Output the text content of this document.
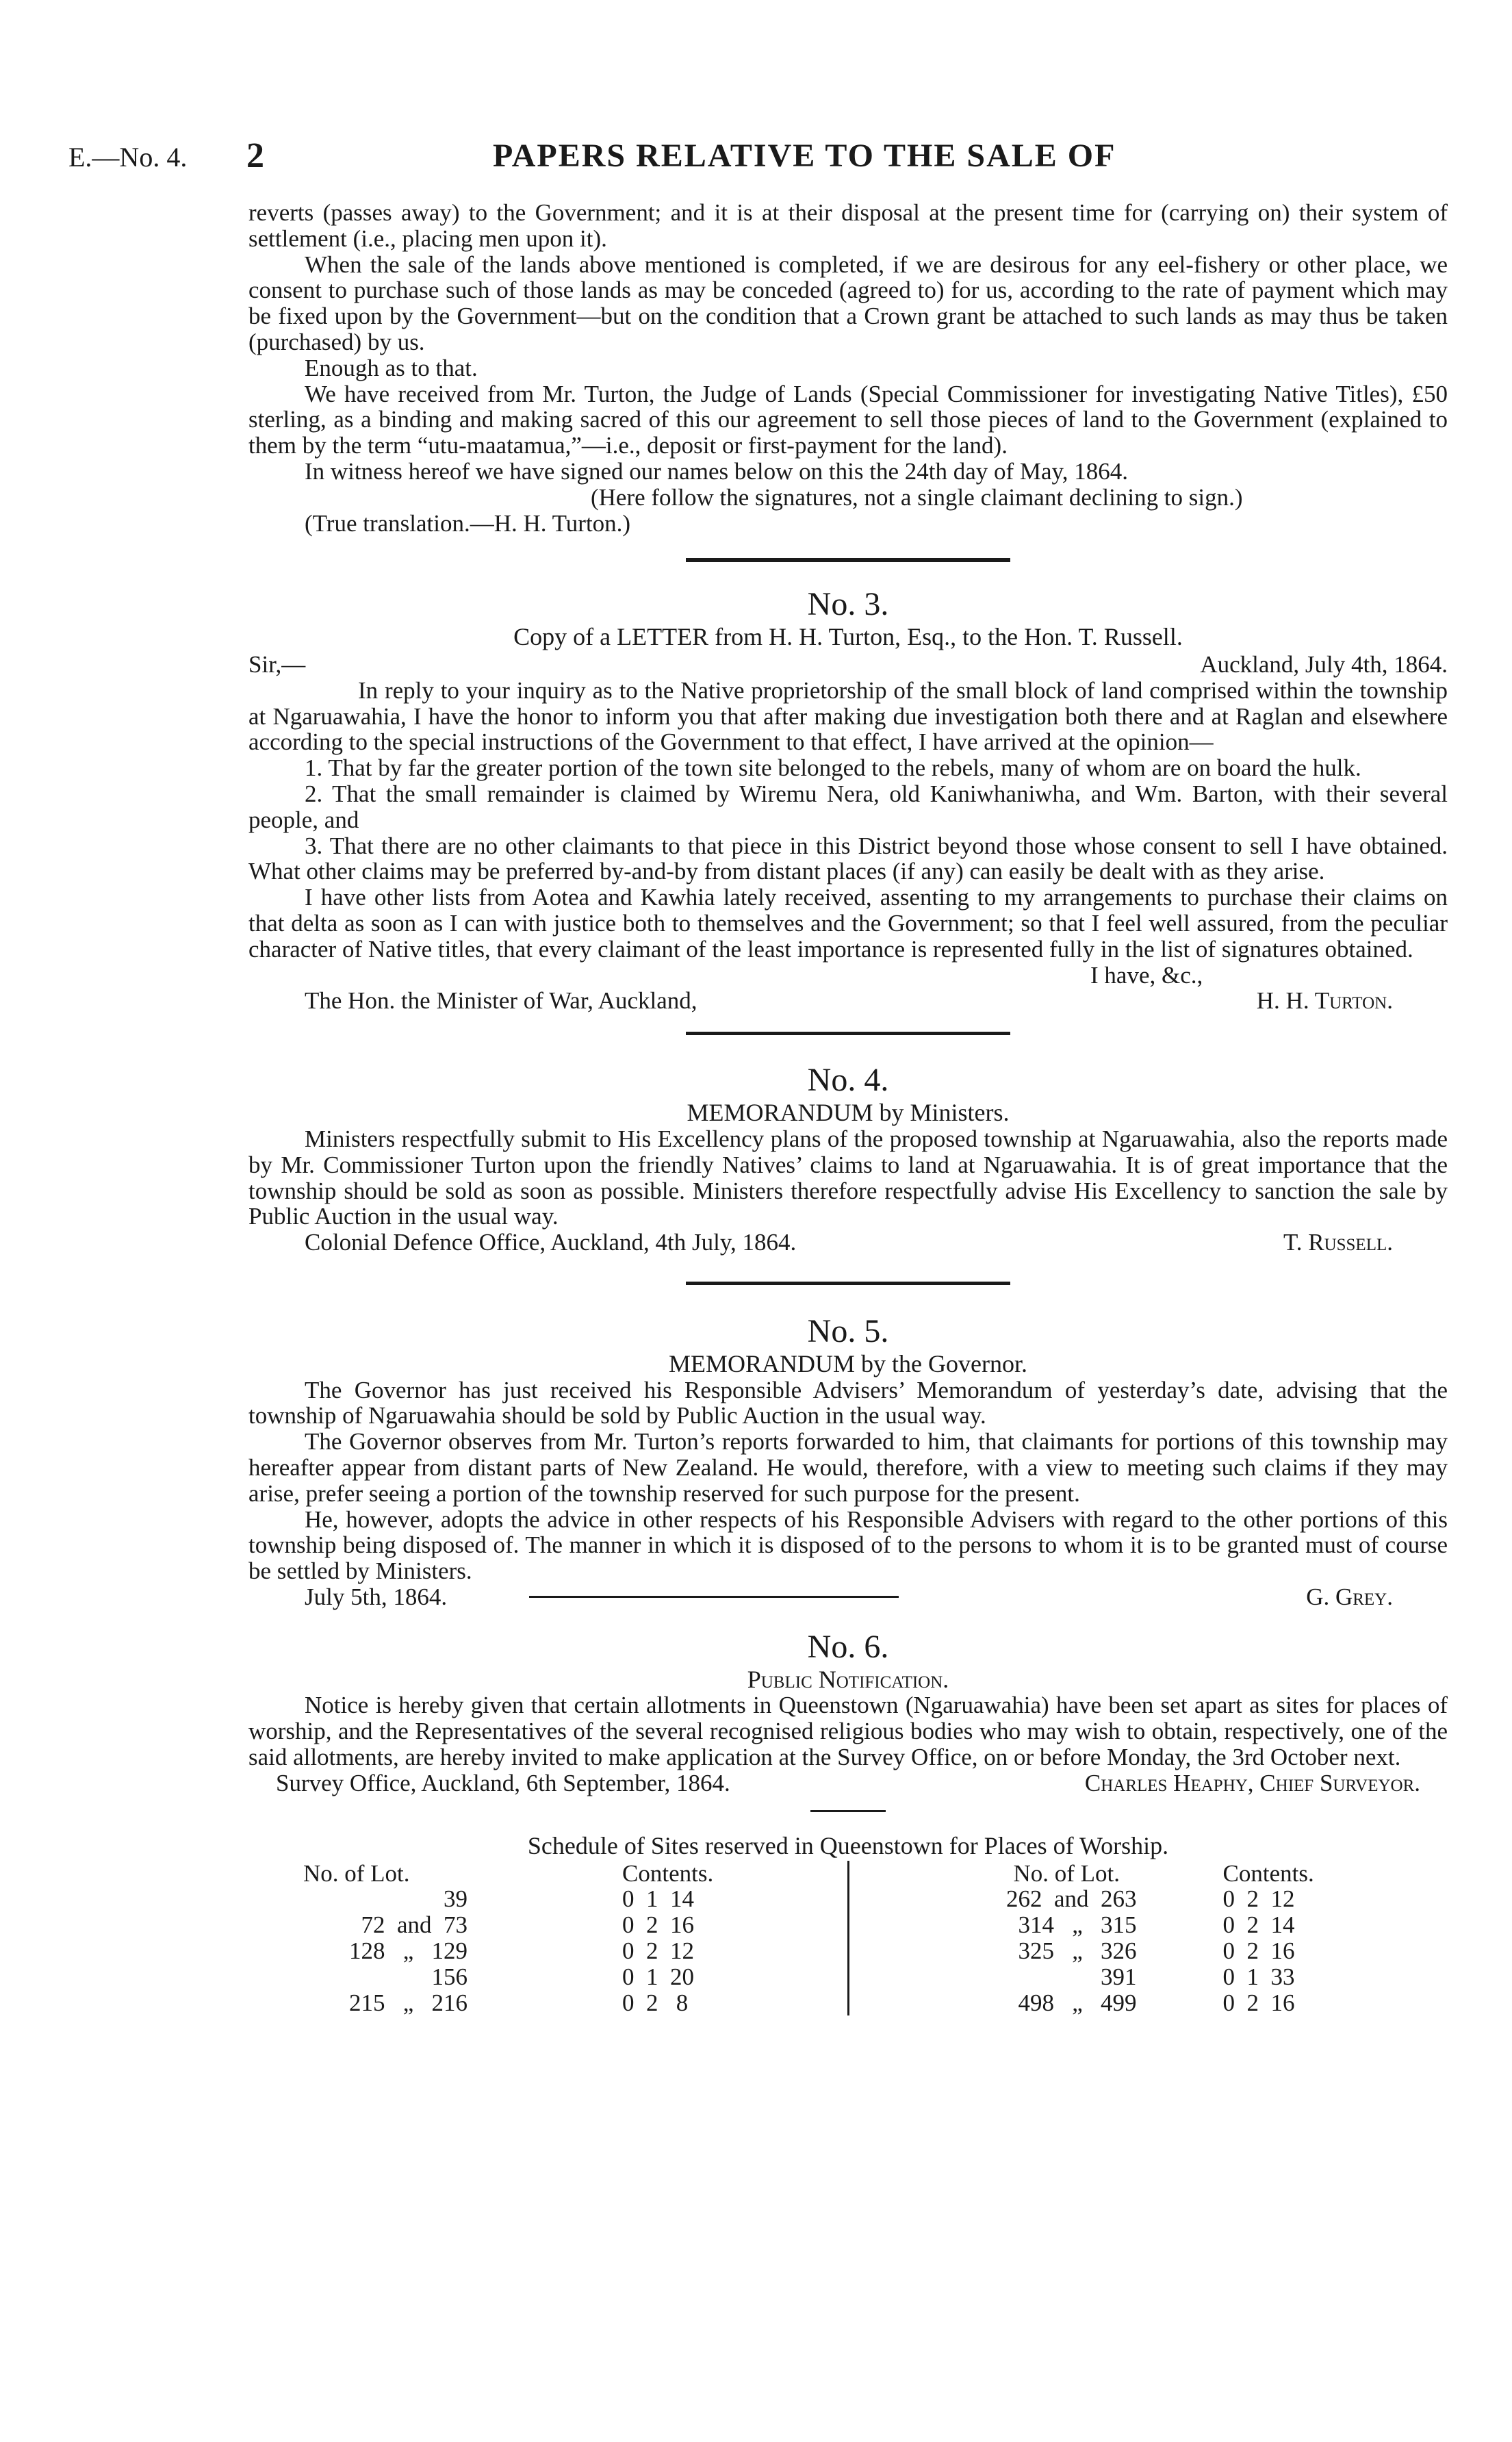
E.—No. 4. 2	PAPERS RELATIVE TO THE SALE OF

reverts (passes away) to the Government; and it is at their disposal at the present time for (carrying on) their system of settlement (i.e., placing men upon it).

When the sale of the lands above mentioned is completed, if we are desirous for any eel-fishery or other place, we consent to purchase such of those lands as may be conceded (agreed to) for us, according to the rate of payment which may be fixed upon by the Government—but on the condition that a Crown grant be attached to such lands as may thus be taken (purchased) by us.

Enough as to that.

We have received from Mr. Turton, the Judge of Lands (Special Commissioner for investigating Native Titles), £50 sterling, as a binding and making sacred of this our agreement to sell those pieces of land to the Government (explained to them by the term “utu-maatamua,”—i.e., deposit or first-payment for the land).

In witness hereof we have signed our names below on this the 24th day of May, 1864.

(Here follow the signatures, not a single claimant declining to sign.)

(True translation.—H. H. Turton.)

No. 3.
Copy of a LETTER from H. H. Turton, Esq., to the Hon. T. Russell.
Sir,—	Auckland, July 4th, 1864.

In reply to your inquiry as to the Native proprietorship of the small block of land comprised within the township at Ngaruawahia, I have the honor to inform you that after making due investigation both there and at Raglan and elsewhere according to the special instructions of the Government to that effect, I have arrived at the opinion—

1. That by far the greater portion of the town site belonged to the rebels, many of whom are on board the hulk.

2. That the small remainder is claimed by Wiremu Nera, old Kaniwhaniwha, and Wm. Barton, with their several people, and

3. That there are no other claimants to that piece in this District beyond those whose consent to sell I have obtained. What other claims may be preferred by-and-by from distant places (if any) can easily be dealt with as they arise.

I have other lists from Aotea and Kawhia lately received, assenting to my arrangements to purchase their claims on that delta as soon as I can with justice both to themselves and the Government; so that I feel well assured, from the peculiar character of Native titles, that every claimant of the least importance is represented fully in the list of signatures obtained.

I have, &c.,
The Hon. the Minister of War, Auckland,	H. H. Turton.
No. 4.
MEMORANDUM by Ministers.

Ministers respectfully submit to His Excellency plans of the proposed township at Ngaruawahia, also the reports made by Mr. Commissioner Turton upon the friendly Natives’ claims to land at Ngaruawahia. It is of great importance that the township should be sold as soon as possible. Ministers therefore respectfully advise His Excellency to sanction the sale by Public Auction in the usual way.

Colonial Defence Office, Auckland, 4th July, 1864.	T. Russell.
No. 5.
MEMORANDUM by the Governor.

The Governor has just received his Responsible Advisers’ Memorandum of yesterday’s date, advising that the township of Ngaruawahia should be sold by Public Auction in the usual way.

The Governor observes from Mr. Turton’s reports forwarded to him, that claimants for portions of this township may hereafter appear from distant parts of New Zealand. He would, therefore, with a view to meeting such claims if they may arise, prefer seeing a portion of the township reserved for such purpose for the present.

He, however, adopts the advice in other respects of his Responsible Advisers with regard to the other portions of this township being disposed of. The manner in which it is disposed of to the persons to whom it is to be granted must of course be settled by Ministers.

July 5th, 1864.	G. Grey.
No. 6.
Public Notification.

Notice is hereby given that certain allotments in Queenstown (Ngaruawahia) have been set apart as sites for places of worship, and the Representatives of the several recognised religious bodies who may wish to obtain, respectively, one of the said allotments, are hereby invited to make application at the Survey Office, on or before Monday, the 3rd October next.

Survey Office, Auckland, 6th September, 1864.	Charles Heaphy, Chief Surveyor.
Schedule of Sites reserved in Queenstown for Places of Worship.
No. of Lot.	Contents.
39	0  1  14
72  and  73	0  2  16
128   „   129	0  2  12
156	0  1  20
215   „   216	0  2   8
No. of Lot.	Contents.
262  and  263	0  2  12
314   „   315	0  2  14
325   „   326	0  2  16
391	0  1  33
498   „   499	0  2  16
